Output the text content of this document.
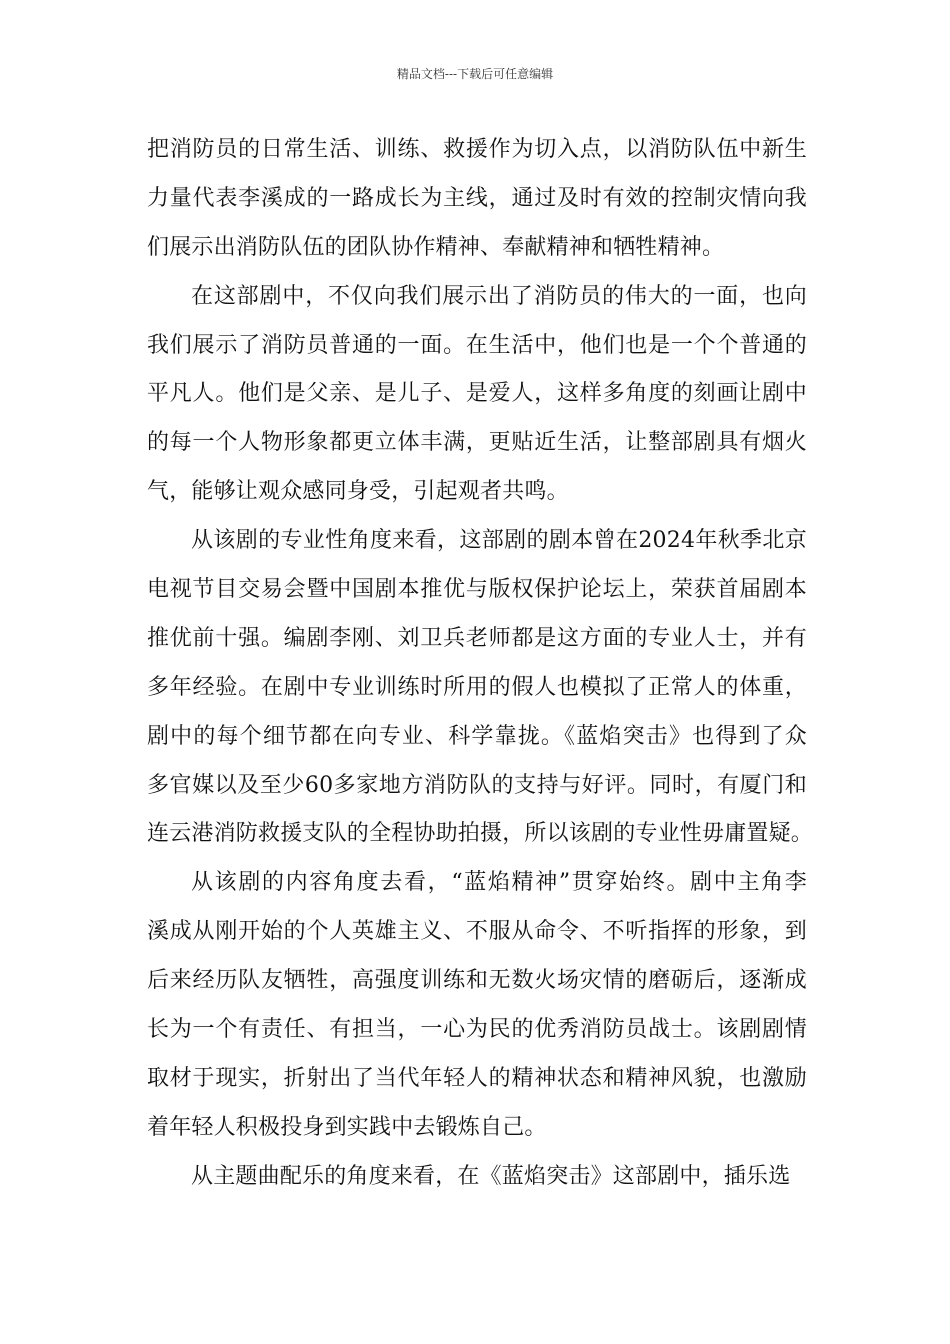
精品文档---下载后可任意编辑
把消防员的日常生活、训练、救援作为切入点，以消防队伍中新生
力量代表李溪成的一路成长为主线，通过及时有效的控制灾情向我
们展示出消防队伍的团队协作精神、奉献精神和牺牲精神。
在这部剧中，不仅向我们展示出了消防员的伟大的一面，也向
我们展示了消防员普通的一面。在生活中，他们也是一个个普通的
平凡人。他们是父亲、是儿子、是爱人，这样多角度的刻画让剧中
的每一个人物形象都更立体丰满，更贴近生活，让整部剧具有烟火
气，能够让观众感同身受，引起观者共鸣。
从该剧的专业性角度来看，这部剧的剧本曾在2024年秋季北京
电视节目交易会暨中国剧本推优与版权保护论坛上，荣获首届剧本
推优前十强。编剧李刚、刘卫兵老师都是这方面的专业人士，并有
多年经验。在剧中专业训练时所用的假人也模拟了正常人的体重，
剧中的每个细节都在向专业、科学靠拢。《蓝焰突击》也得到了众
多官媒以及至少60多家地方消防队的支持与好评。同时，有厦门和
连云港消防救援支队的全程协助拍摄，所以该剧的专业性毋庸置疑。
从该剧的内容角度去看，“蓝焰精神”贯穿始终。剧中主角李
溪成从刚开始的个人英雄主义、不服从命令、不听指挥的形象，到
后来经历队友牺牲，高强度训练和无数火场灾情的磨砺后，逐渐成
长为一个有责任、有担当，一心为民的优秀消防员战士。该剧剧情
取材于现实，折射出了当代年轻人的精神状态和精神风貌，也激励
着年轻人积极投身到实践中去锻炼自己。
从主题曲配乐的角度来看，在《蓝焰突击》这部剧中，插乐选
